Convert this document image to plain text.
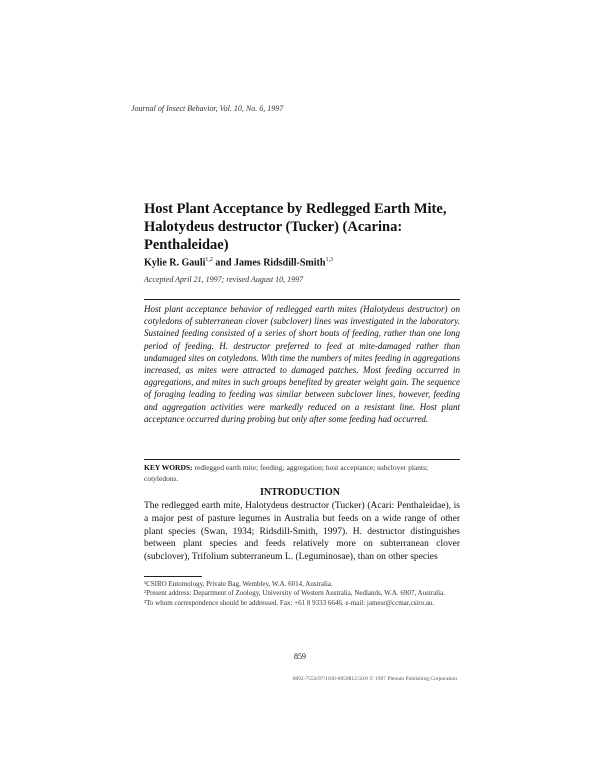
Journal of Insect Behavior, Vol. 10, No. 6, 1997
Host Plant Acceptance by Redlegged Earth Mite, Halotydeus destructor (Tucker) (Acarina: Penthaleidae)
Kylie R. Gauli$^{1,2}$ and James Ridsdill-Smith$^{1,3}$
Accepted April 21, 1997; revised August 10, 1997
Host plant acceptance behavior of redlegged earth mites (Halotydeus destructor) on cotyledons of subterranean clover (subclover) lines was investigated in the laboratory. Sustained feeding consisted of a series of short bouts of feeding, rather than one long period of feeding. H. destructor preferred to feed at mite-damaged rather than undamaged sites on cotyledons. With time the numbers of mites feeding in aggregations increased, as mites were attracted to damaged patches. Most feeding occurred in aggregations, and mites in such groups benefited by greater weight gain. The sequence of foraging leading to feeding was similar between subclover lines, however, feeding and aggregation activities were markedly reduced on a resistant line. Host plant acceptance occurred during probing but only after some feeding had occurred.
KEY WORDS: redlegged earth mite; feeding; aggregation; host acceptance; subclover plants; cotyledons.
INTRODUCTION
The redlegged earth mite, Halotydeus destructor (Tucker) (Acari: Penthaleidae), is a major pest of pasture legumes in Australia but feeds on a wide range of other plant species (Swan, 1934; Ridsdill-Smith, 1997). H. destructor distinguishes between plant species and feeds relatively more on subterranean clover (subclover), Trifolium subterraneum L. (Leguminosae), than on other species

¹CSIRO Entomology, Private Bag, Wembley, W.A. 6014, Australia.

²Present address: Department of Zoology, University of Western Australia, Nedlands, W.A. 6907, Australia.

³To whom correspondence should be addressed. Fax: +61 8 9333 6646. e-mail: jamesr@ccmar.csiro.au.

859
0892-7553/97/1100-0859$12.50/0 © 1997 Plenum Publishing Corporation
